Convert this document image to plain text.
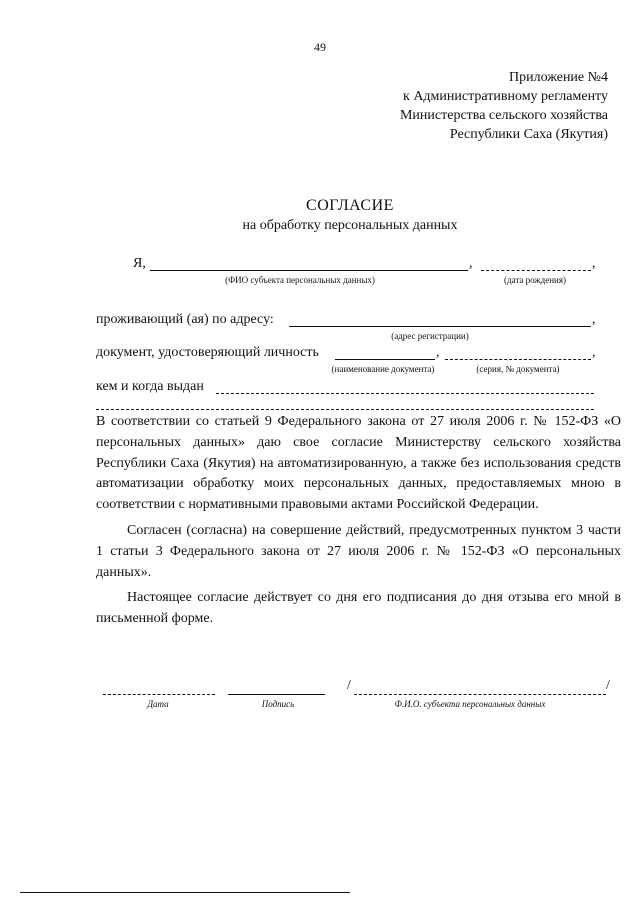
49
Приложение №4
к Административному регламенту
Министерства сельского хозяйства
Республики Саха (Якутия)
СОГЛАСИЕ
на обработку персональных данных
Я,	,	,
(ФИО субъекта персональных данных)	(дата рождения)
проживающий (ая) по адресу:	,
(адрес регистрации)
документ, удостоверяющий личность	,	,
(наименование документа)	(серия, № документа)
кем и когда выдан

В соответствии со статьей 9 Федерального закона от 27 июля 2006 г. № 152-ФЗ «О персональных данных» даю свое согласие Министерству сельского хозяйства Республики Саха (Якутия) на автоматизированную, а также без использования средств автоматизации обработку моих персональных данных, предоставляемых мною в соответствии с нормативными правовыми актами Российской Федерации.

Согласен (согласна) на совершение действий, предусмотренных пунктом 3 части 1 статьи 3 Федерального закона от 27 июля 2006 г. № 152-ФЗ «О персональных данных».

Настоящее согласие действует со дня его подписания до дня отзыва его мной в письменной форме.

/	/
Дата	Подпись	Ф.И.О. субъекта персональных данных
